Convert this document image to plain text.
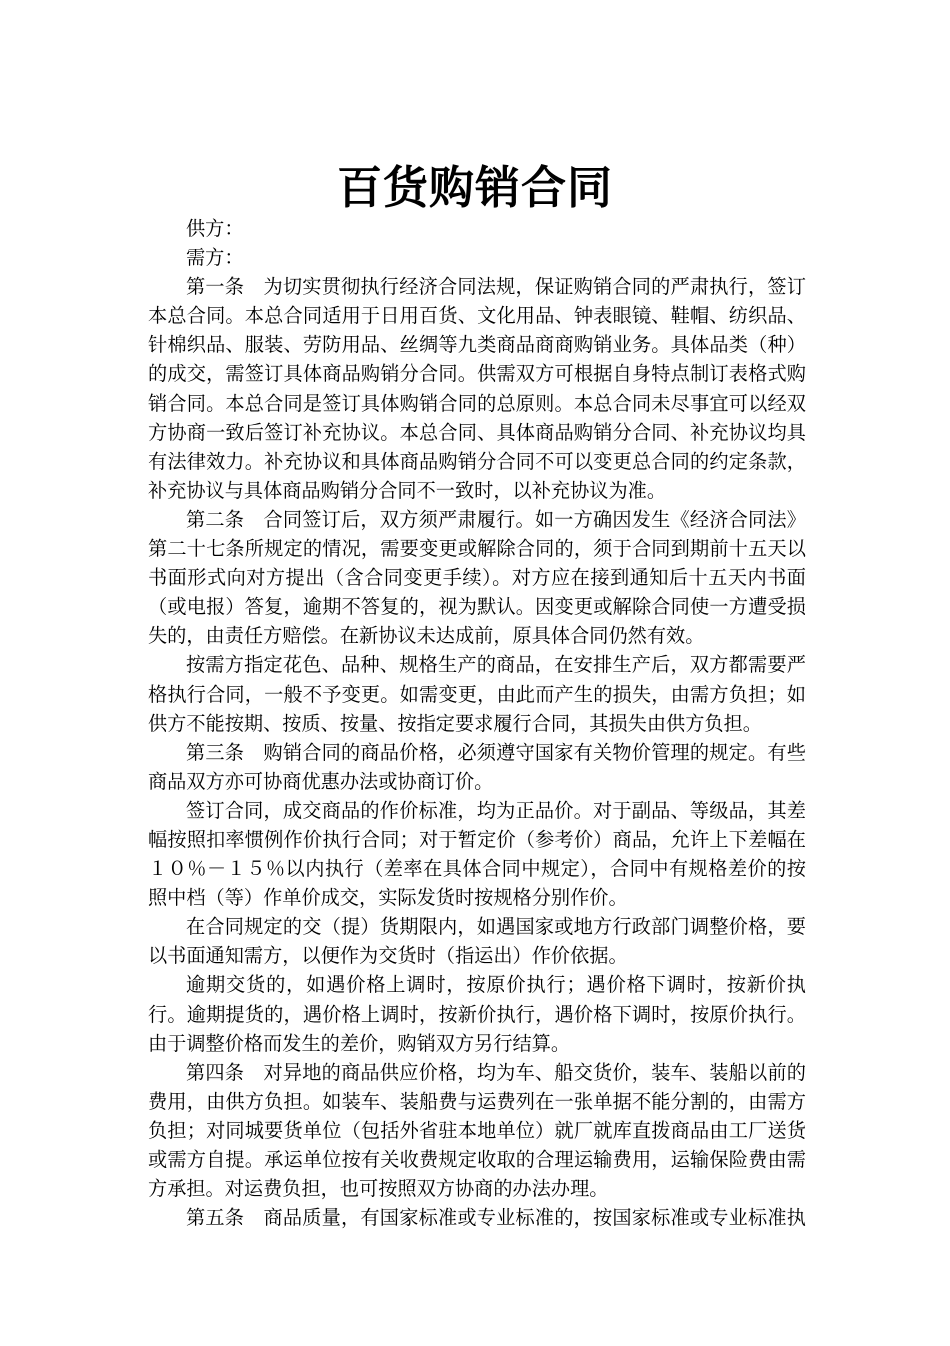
百货购销合同
供方：
需方：
第一条　为切实贯彻执行经济合同法规，保证购销合同的严肃执行，签订
本总合同。本总合同适用于日用百货、文化用品、钟表眼镜、鞋帽、纺织品、
针棉织品、服装、劳防用品、丝绸等九类商品商商购销业务。具体品类（种）
的成交，需签订具体商品购销分合同。供需双方可根据自身特点制订表格式购
销合同。本总合同是签订具体购销合同的总原则。本总合同未尽事宜可以经双
方协商一致后签订补充协议。本总合同、具体商品购销分合同、补充协议均具
有法律效力。补充协议和具体商品购销分合同不可以变更总合同的约定条款，
补充协议与具体商品购销分合同不一致时，以补充协议为准。
第二条　合同签订后，双方须严肃履行。如一方确因发生《经济合同法》
第二十七条所规定的情况，需要变更或解除合同的，须于合同到期前十五天以
书面形式向对方提出（含合同变更手续）。对方应在接到通知后十五天内书面
（或电报）答复，逾期不答复的，视为默认。因变更或解除合同使一方遭受损
失的，由责任方赔偿。在新协议未达成前，原具体合同仍然有效。
按需方指定花色、品种、规格生产的商品，在安排生产后，双方都需要严
格执行合同，一般不予变更。如需变更，由此而产生的损失，由需方负担；如
供方不能按期、按质、按量、按指定要求履行合同，其损失由供方负担。
第三条　购销合同的商品价格，必须遵守国家有关物价管理的规定。有些
商品双方亦可协商优惠办法或协商订价。
签订合同，成交商品的作价标准，均为正品价。对于副品、等级品，其差
幅按照扣率惯例作价执行合同；对于暂定价（参考价）商品，允许上下差幅在
１０％－１５％以内执行（差率在具体合同中规定），合同中有规格差价的按
照中档（等）作单价成交，实际发货时按规格分别作价。
在合同规定的交（提）货期限内，如遇国家或地方行政部门调整价格，要
以书面通知需方，以便作为交货时（指运出）作价依据。
逾期交货的，如遇价格上调时，按原价执行；遇价格下调时，按新价执
行。逾期提货的，遇价格上调时，按新价执行，遇价格下调时，按原价执行。
由于调整价格而发生的差价，购销双方另行结算。
第四条　对异地的商品供应价格，均为车、船交货价，装车、装船以前的
费用，由供方负担。如装车、装船费与运费列在一张单据不能分割的，由需方
负担；对同城要货单位（包括外省驻本地单位）就厂就库直拨商品由工厂送货
或需方自提。承运单位按有关收费规定收取的合理运输费用，运输保险费由需
方承担。对运费负担，也可按照双方协商的办法办理。
第五条　商品质量，有国家标准或专业标准的，按国家标准或专业标准执
